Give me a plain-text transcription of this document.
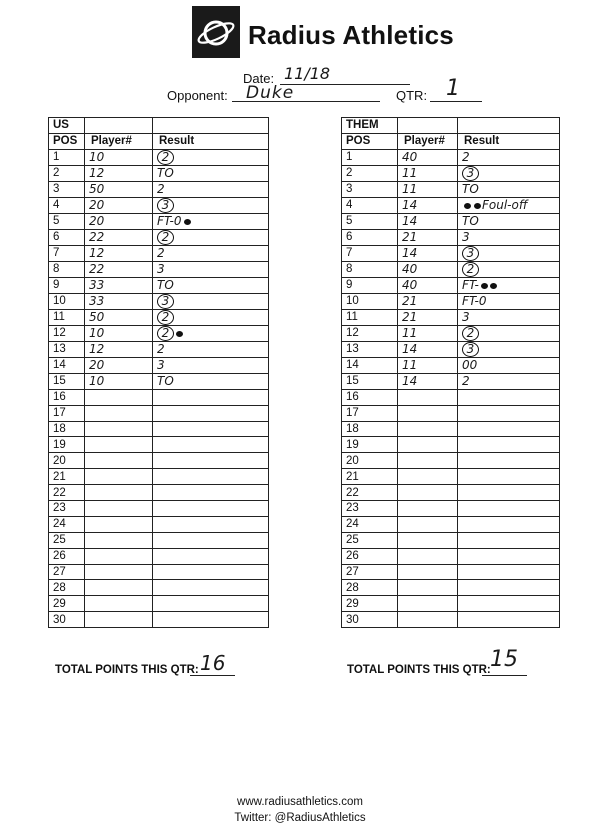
Radius Athletics
Date: 11/18
Opponent: Duke	QTR: 1
US		
POS	Player#	Result
1	10	2
2	12	TO
3	50	2
4	20	3
5	20	FT-0
6	22	2
7	12	2
8	22	3
9	33	TO
10	33	3
11	50	2
12	10	2
13	12	2
14	20	3
15	10	TO
16		
17		
18		
19		
20		
21		
22		
23		
24		
25		
26		
27		
28		
29		
30		
THEM		
POS	Player#	Result
1	40	2
2	11	3
3	11	TO
4	14	Foul-off
5	14	TO
6	21	3
7	14	3
8	40	2
9	40	FT-
10	21	FT-0
11	21	3
12	11	2
13	14	3
14	11	00
15	14	2
16		
17		
18		
19		
20		
21		
22		
23		
24		
25		
26		
27		
28		
29		
30		
TOTAL POINTS THIS QTR: 16	TOTAL POINTS THIS QTR: 15
www.radiusathletics.com
Twitter: @RadiusAthletics
